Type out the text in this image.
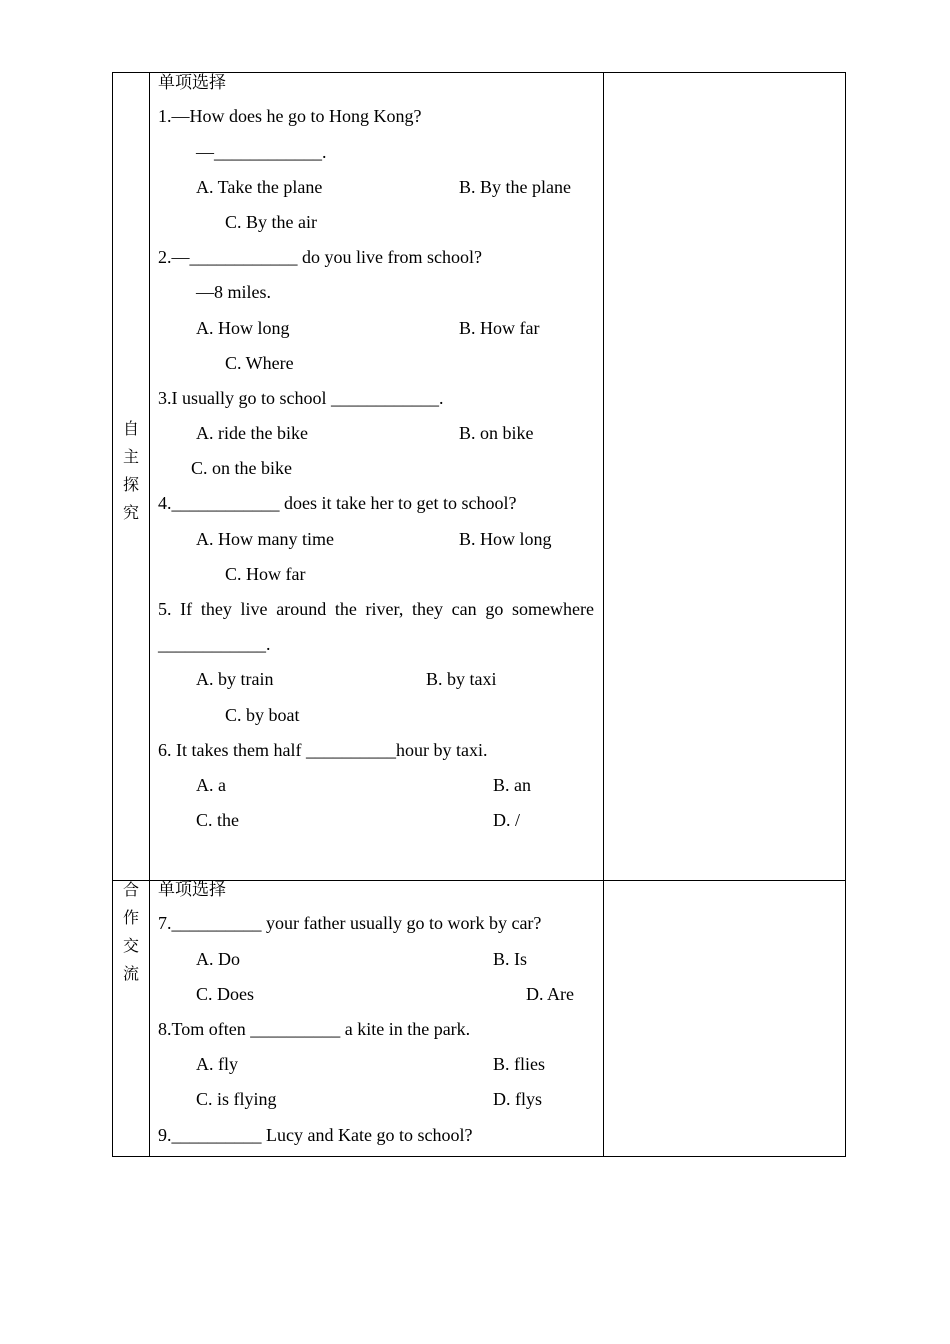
自
主
探
究
单项选择
1.—How does he go to Hong Kong?
—____________.
A. Take the plane	B. By the plane
C. By the air
2.—____________ do you live from school?
—8 miles.
A. How long	B. How far
C. Where
3.I usually go to school ____________.
A. ride the bike	B. on bike
C. on the bike
4.____________ does it take her to get to school?
A. How many time	B. How long
C. How far
5. If they live around the river, they can go somewhere
____________.
A. by train	B. by taxi
C. by boat
6. It takes them half __________hour by taxi.
A. a	B. an
C. the	D. /
合
作
交
流
单项选择
7.__________ your father usually go to work by car?
A. Do	B. Is
C. Does	D. Are
8.Tom often __________ a kite in the park.
A. fly	B. flies
C. is flying	D. flys
9.__________ Lucy and Kate go to school?
